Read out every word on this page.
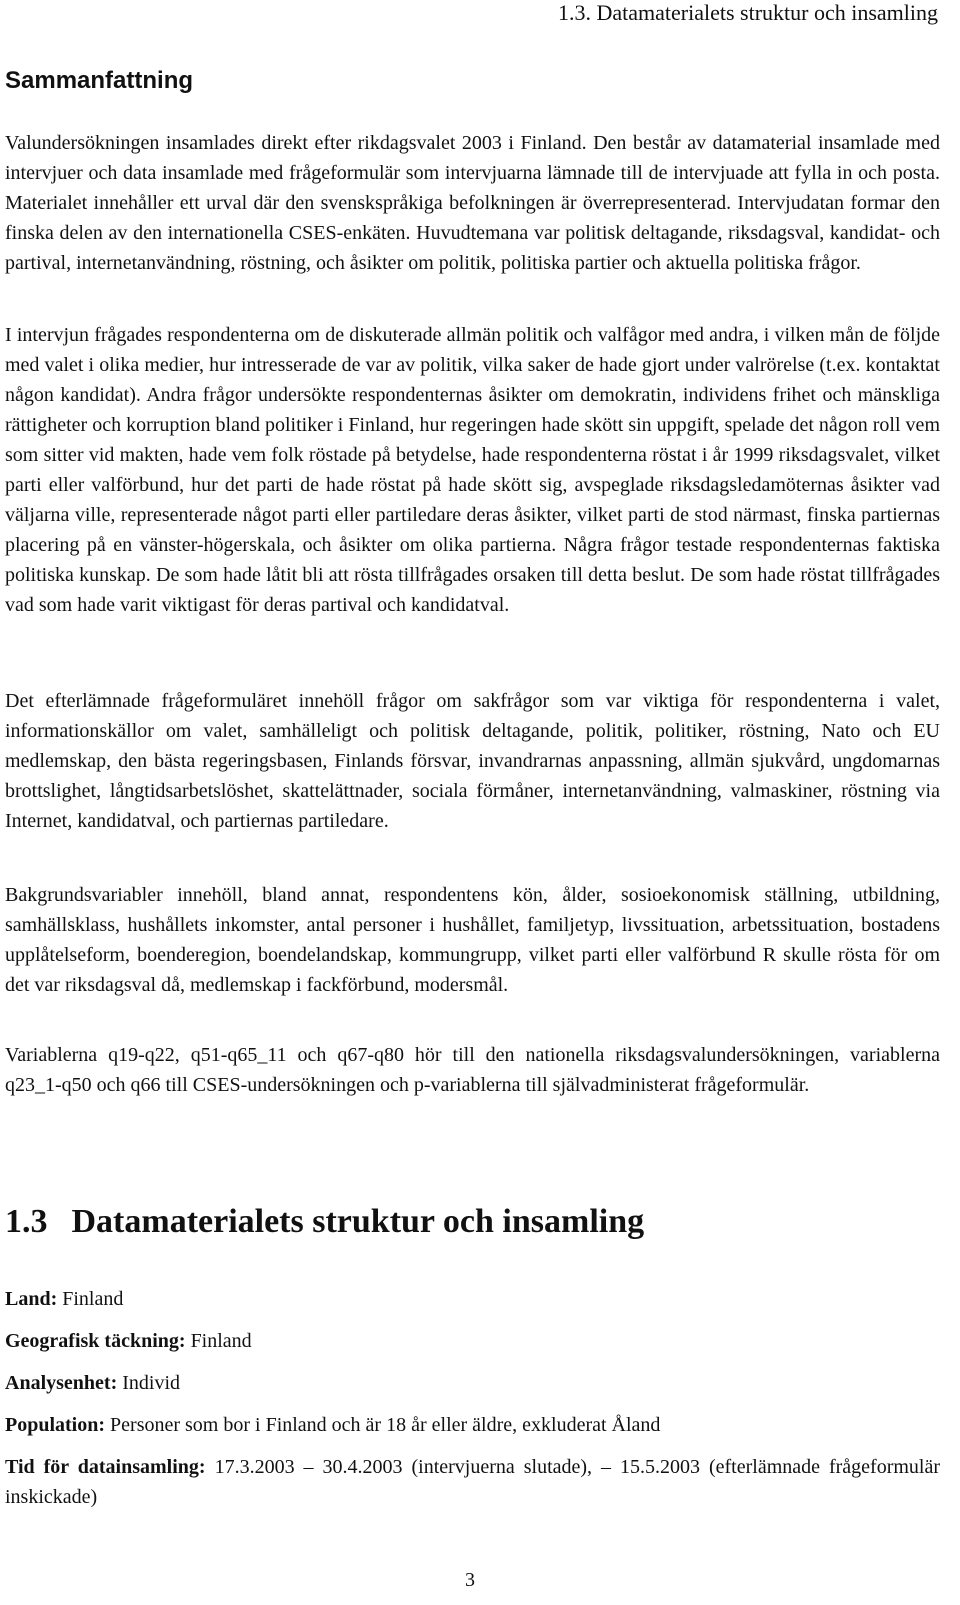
1.3. Datamaterialets struktur och insamling
Sammanfattning

Valundersökningen insamlades direkt efter rikdagsvalet 2003 i Finland. Den består av datamaterial insamlade med intervjuer och data insamlade med frågeformulär som intervjuarna lämnade till de intervjuade att fylla in och posta. Materialet innehåller ett urval där den svenskspråkiga befolkningen är överrepresenterad. Intervjudatan formar den finska delen av den internationella CSES-enkäten. Huvudtemana var politisk deltagande, riksdagsval, kandidat- och partival, internetanvändning, röstning, och åsikter om politik, politiska partier och aktuella politiska frågor.

I intervjun frågades respondenterna om de diskuterade allmän politik och valfågor med andra, i vilken mån de följde med valet i olika medier, hur intresserade de var av politik, vilka saker de hade gjort under valrörelse (t.ex. kontaktat någon kandidat). Andra frågor undersökte respondenternas åsikter om demokratin, individens frihet och mänskliga rättigheter och korruption bland politiker i Finland, hur regeringen hade skött sin uppgift, spelade det någon roll vem som sitter vid makten, hade vem folk röstade på betydelse, hade respondenterna röstat i år 1999 riksdagsvalet, vilket parti eller valförbund, hur det parti de hade röstat på hade skött sig, avspeglade riksdagsledamöternas åsikter vad väljarna ville, representerade något parti eller partiledare deras åsikter, vilket parti de stod närmast, finska partiernas placering på en vänster-högerskala, och åsikter om olika partierna. Några frågor testade respondenternas faktiska politiska kunskap. De som hade låtit bli att rösta tillfrågades orsaken till detta beslut. De som hade röstat tillfrågades vad som hade varit viktigast för deras partival och kandidatval.

Det efterlämnade frågeformuläret innehöll frågor om sakfrågor som var viktiga för respondenterna i valet, informationskällor om valet, samhälleligt och politisk deltagande, politik, politiker, röstning, Nato och EU medlemskap, den bästa regeringsbasen, Finlands försvar, invandrarnas anpassning, allmän sjukvård, ungdomarnas brottslighet, långtidsarbetslöshet, skattelättnader, sociala förmåner, internetanvändning, valmaskiner, röstning via Internet, kandidatval, och partiernas partiledare.

Bakgrundsvariabler innehöll, bland annat, respondentens kön, ålder, sosioekonomisk ställning, utbildning, samhällsklass, hushållets inkomster, antal personer i hushållet, familjetyp, livssituation, arbetssituation, bostadens upplåtelseform, boenderegion, boendelandskap, kommungrupp, vilket parti eller valförbund R skulle rösta för om det var riksdagsval då, medlemskap i fackförbund, modersmål.

Variablerna q19-q22, q51-q65_11 och q67-q80 hör till den nationella riksdagsvalundersökningen, variablerna q23_1-q50 och q66 till CSES-undersökningen och p-variablerna till självadministerat frågeformulär.

1.3 Datamaterialets struktur och insamling

Land: Finland

Geografisk täckning: Finland

Analysenhet: Individ

Population: Personer som bor i Finland och är 18 år eller äldre, exkluderat Åland

Tid för datainsamling: 17.3.2003 – 30.4.2003 (intervjuerna slutade), – 15.5.2003 (efterlämnade frågeformulär inskickade)

3
